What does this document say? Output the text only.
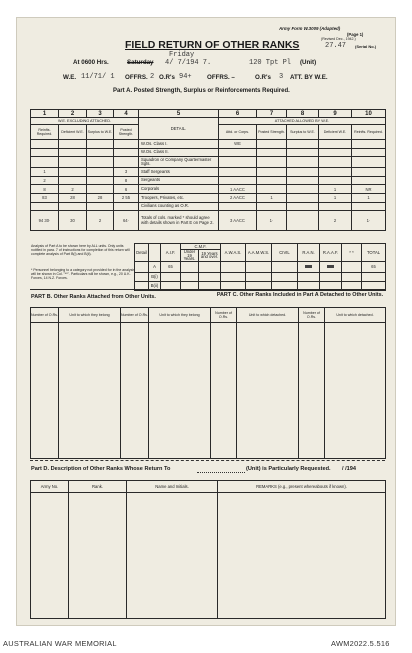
Army Form W.3009 (Adapted)
(Page 1)
(Revised Dec., 1942.)
27.47 (Serial No.)
FIELD RETURN OF OTHER RANKS
Friday
At 0600 Hrs.	Saturday 4/ 7/194 7.	120 Tpt Pl (Unit)
W.E. 11/71/ 1 OFFRS. 2 O.R's 94+ OFFRS. –	O.R's 3 ATT. BY W.E.
Part A. Posted Strength, Surplus or Reinforcements Required.
1	2	3	4	5	6	7	8	9	10
W.E. EXCLUDING ATTACHED.				DETAIL.	ATTACHED ALLOWED BY W.E.				
Reinfts. Required.	Deficient W.E.	Surplus to W.E.	Posted Strength.		Attd. or Corps.	Posted Strength.	Surplus to W.E.	Deficient W.E.	Reinfts. Required.
				W.Os. Class I.	WE				
				W.Os. Class II.					
				Squadron or Company Quartermaster Sgts.					
1			3	Staff Sergeants					
2			8	Sergeants					
8	2		6	Corporals	1 AACC			1	NR
83	28	28	2 55	Troopers, Privates, etc.	2 AACC	1		1	1
				Civilians counting as O.R.					
94 30·	30	2	64·	Totals of cols. marked * should agree with details shown in Part E on Page 2.	3 AACC	1·		2	1·
Analysis of Part A to be shown here by ALL units. Only units notified in para. 7 of instructions for completion of this return will complete analysis of Part B(i) and B(ii).
* Personnel belonging to a category not provided for in the analysis will be shown in Col. "**". Particulars will be shown, e.g., 20 U.K. Forces, 14 N.Z. Forces.
Detail		A.I.F.	C.M.F.		A.W.A.S.	A.A.M.W.S.	CIVIL	R.A.N.	R.A.A.F.	* *	TOTAL
			Under 19 Years.	19 Years and over.							
	A	65									65
	B(i)										
	B(ii)										
PART B. Other Ranks Attached from Other Units.	PART C. Other Ranks Included in Part A Detached to Other Units.
Number of O.Rs.	Unit to which they belong	Number of O.Rs.	Unit to which they belong

Number of O.Rs.	Unit to which detached.	Number of O.Rs.	Unit to which detached.

Part D. Description of Other Ranks Whose Return To	(Unit) is Particularly Requested. / /194
Army No.	Rank.	Name and Initials.	REMARKS (e.g., present whereabouts if known).

AUSTRALIAN WAR MEMORIAL	AWM2022.5.516
